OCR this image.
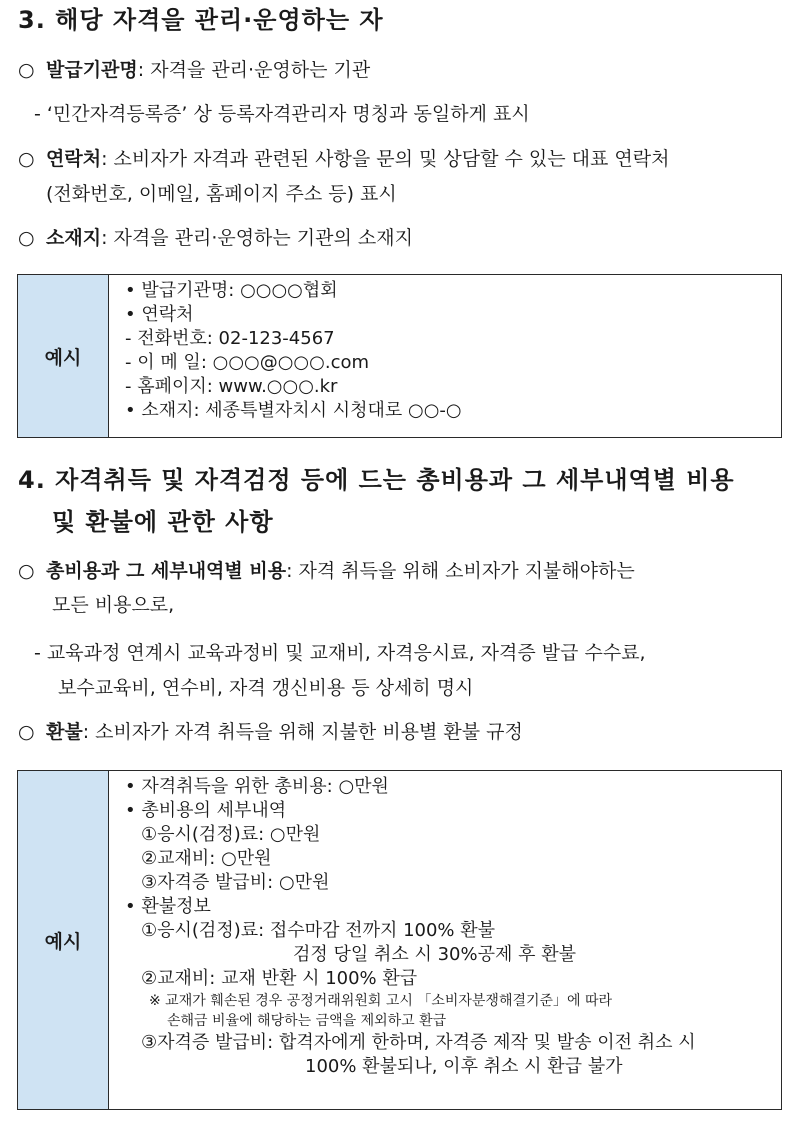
3. 해당 자격을 관리·운영하는 자
○ 발급기관명: 자격을 관리·운영하는 기관
- ‘민간자격등록증’ 상 등록자격관리자 명칭과 동일하게 표시
○ 연락처: 소비자가 자격과 관련된 사항을 문의 및 상담할 수 있는 대표 연락처
(전화번호, 이메일, 홈페이지 주소 등) 표시
○ 소재지: 자격을 관리·운영하는 기관의 소재지
예시
• 발급기관명: ○○○○협회
• 연락처
- 전화번호: 02-123-4567
- 이 메 일: ○○○@○○○.com
- 홈페이지: www.○○○.kr
• 소재지: 세종특별자치시 시청대로 ○○-○
4. 자격취득 및 자격검정 등에 드는 총비용과 그 세부내역별 비용
및 환불에 관한 사항
○ 총비용과 그 세부내역별 비용: 자격 취득을 위해 소비자가 지불해야하는
모든 비용으로,
- 교육과정 연계시 교육과정비 및 교재비, 자격응시료, 자격증 발급 수수료,
보수교육비, 연수비, 자격 갱신비용 등 상세히 명시
○ 환불: 소비자가 자격 취득을 위해 지불한 비용별 환불 규정
예시
• 자격취득을 위한 총비용: ○만원
• 총비용의 세부내역
①응시(검정)료: ○만원
②교재비: ○만원
③자격증 발급비: ○만원
• 환불정보
①응시(검정)료: 접수마감 전까지 100% 환불
검정 당일 취소 시 30%공제 후 환불
②교재비: 교재 반환 시 100% 환급
※ 교재가 훼손된 경우 공정거래위원회 고시 「소비자분쟁해결기준」에 따라
손해금 비율에 해당하는 금액을 제외하고 환급
③자격증 발급비: 합격자에게 한하며, 자격증 제작 및 발송 이전 취소 시
100% 환불되나, 이후 취소 시 환급 불가
